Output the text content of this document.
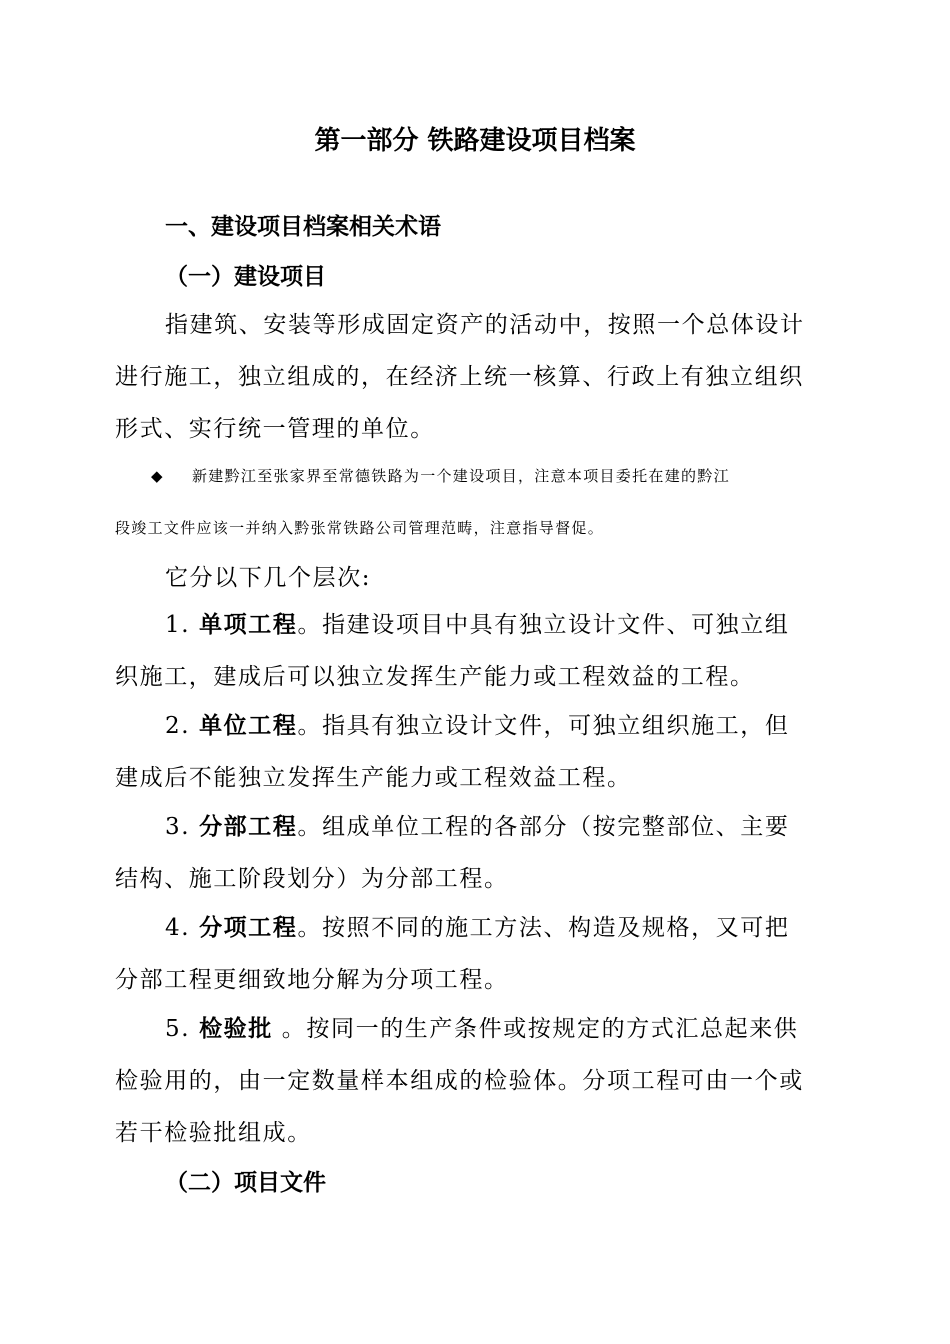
第一部分 铁路建设项目档案
一、建设项目档案相关术语
（一）建设项目
指建筑、安装等形成固定资产的活动中，按照一个总体设计
进行施工，独立组成的，在经济上统一核算、行政上有独立组织
形式、实行统一管理的单位。
◆ 新建黔江至张家界至常德铁路为一个建设项目，注意本项目委托在建的黔江
段竣工文件应该一并纳入黔张常铁路公司管理范畴，注意指导督促。
它分以下几个层次:
1. 单项工程。指建设项目中具有独立设计文件、可独立组
织施工，建成后可以独立发挥生产能力或工程效益的工程。
2. 单位工程。指具有独立设计文件，可独立组织施工，但
建成后不能独立发挥生产能力或工程效益工程。
3. 分部工程。组成单位工程的各部分（按完整部位、主要
结构、施工阶段划分）为分部工程。
4. 分项工程。按照不同的施工方法、构造及规格，又可把
分部工程更细致地分解为分项工程。
5. 检验批 。按同一的生产条件或按规定的方式汇总起来供
检验用的，由一定数量样本组成的检验体。分项工程可由一个或
若干检验批组成。
（二）项目文件
